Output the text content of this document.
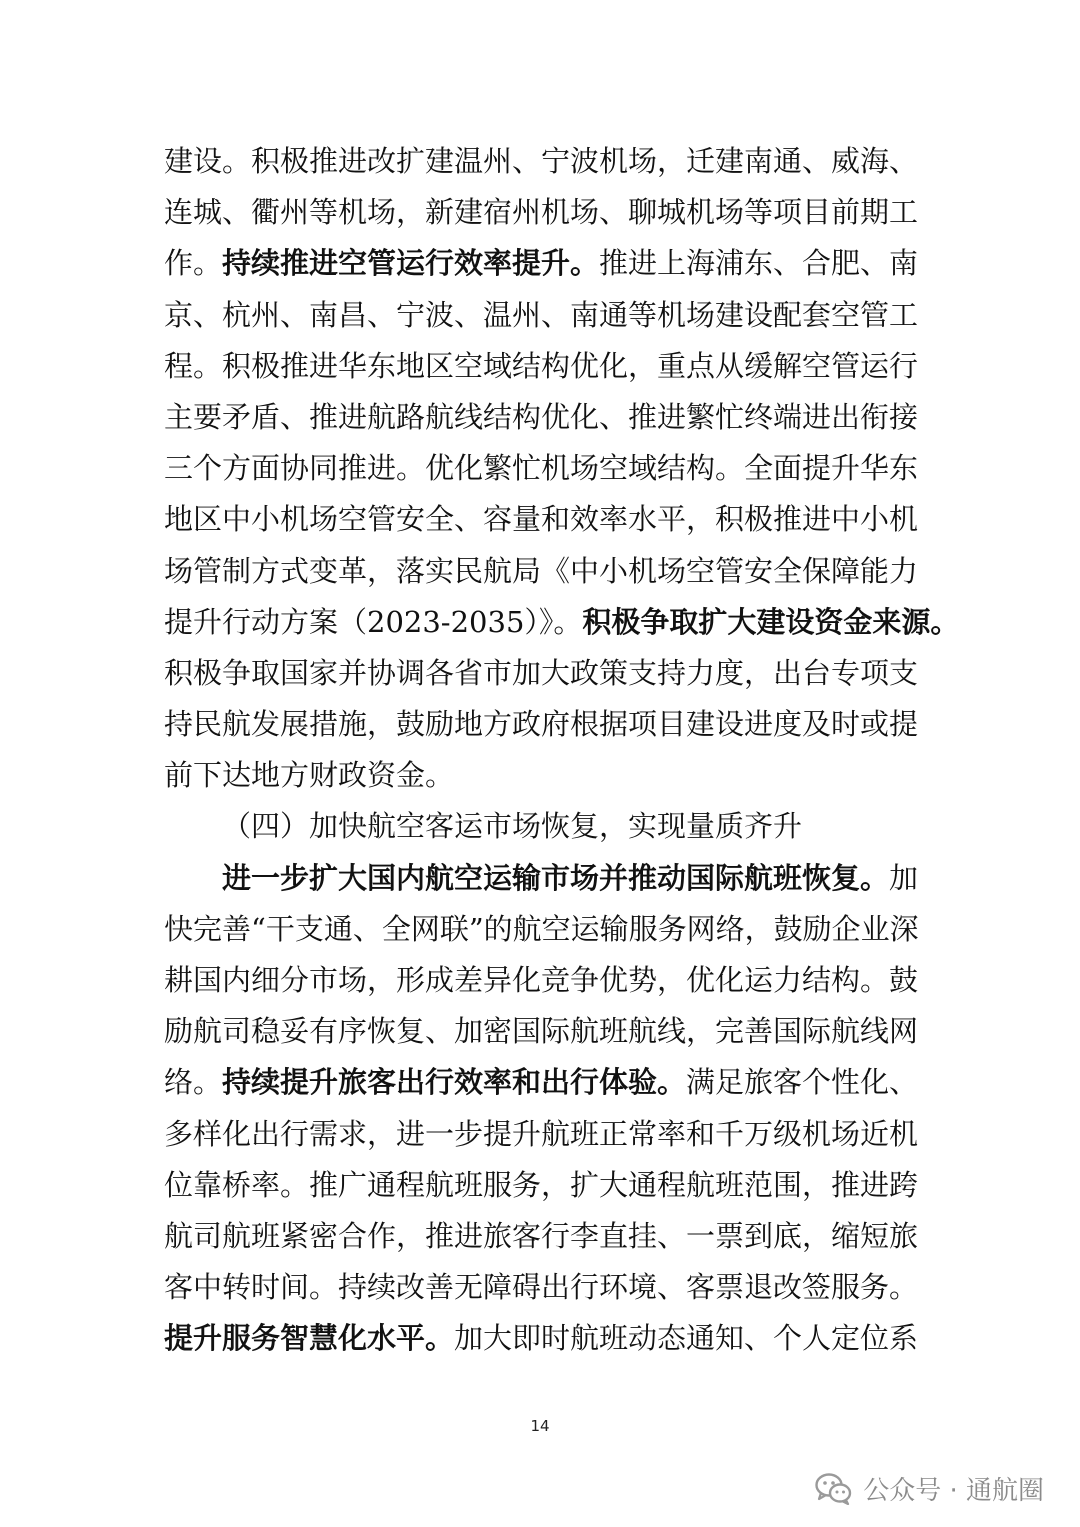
建设。积极推进改扩建温州、宁波机场，迁建南通、威海、
连城、衢州等机场，新建宿州机场、聊城机场等项目前期工
作。持续推进空管运行效率提升。推进上海浦东、合肥、南
京、杭州、南昌、宁波、温州、南通等机场建设配套空管工
程。积极推进华东地区空域结构优化，重点从缓解空管运行
主要矛盾、推进航路航线结构优化、推进繁忙终端进出衔接
三个方面协同推进。优化繁忙机场空域结构。全面提升华东
地区中小机场空管安全、容量和效率水平，积极推进中小机
场管制方式变革，落实民航局《中小机场空管安全保障能力
提升行动方案（2023-2035）》。积极争取扩大建设资金来源。
积极争取国家并协调各省市加大政策支持力度，出台专项支
持民航发展措施，鼓励地方政府根据项目建设进度及时或提
前下达地方财政资金。
（四）加快航空客运市场恢复，实现量质齐升
进一步扩大国内航空运输市场并推动国际航班恢复。加
快完善“干支通、全网联”的航空运输服务网络，鼓励企业深
耕国内细分市场，形成差异化竞争优势，优化运力结构。鼓
励航司稳妥有序恢复、加密国际航班航线，完善国际航线网
络。持续提升旅客出行效率和出行体验。满足旅客个性化、
多样化出行需求，进一步提升航班正常率和千万级机场近机
位靠桥率。推广通程航班服务，扩大通程航班范围，推进跨
航司航班紧密合作，推进旅客行李直挂、一票到底，缩短旅
客中转时间。持续改善无障碍出行环境、客票退改签服务。
提升服务智慧化水平。加大即时航班动态通知、个人定位系
14
公众号 · 通航圈
